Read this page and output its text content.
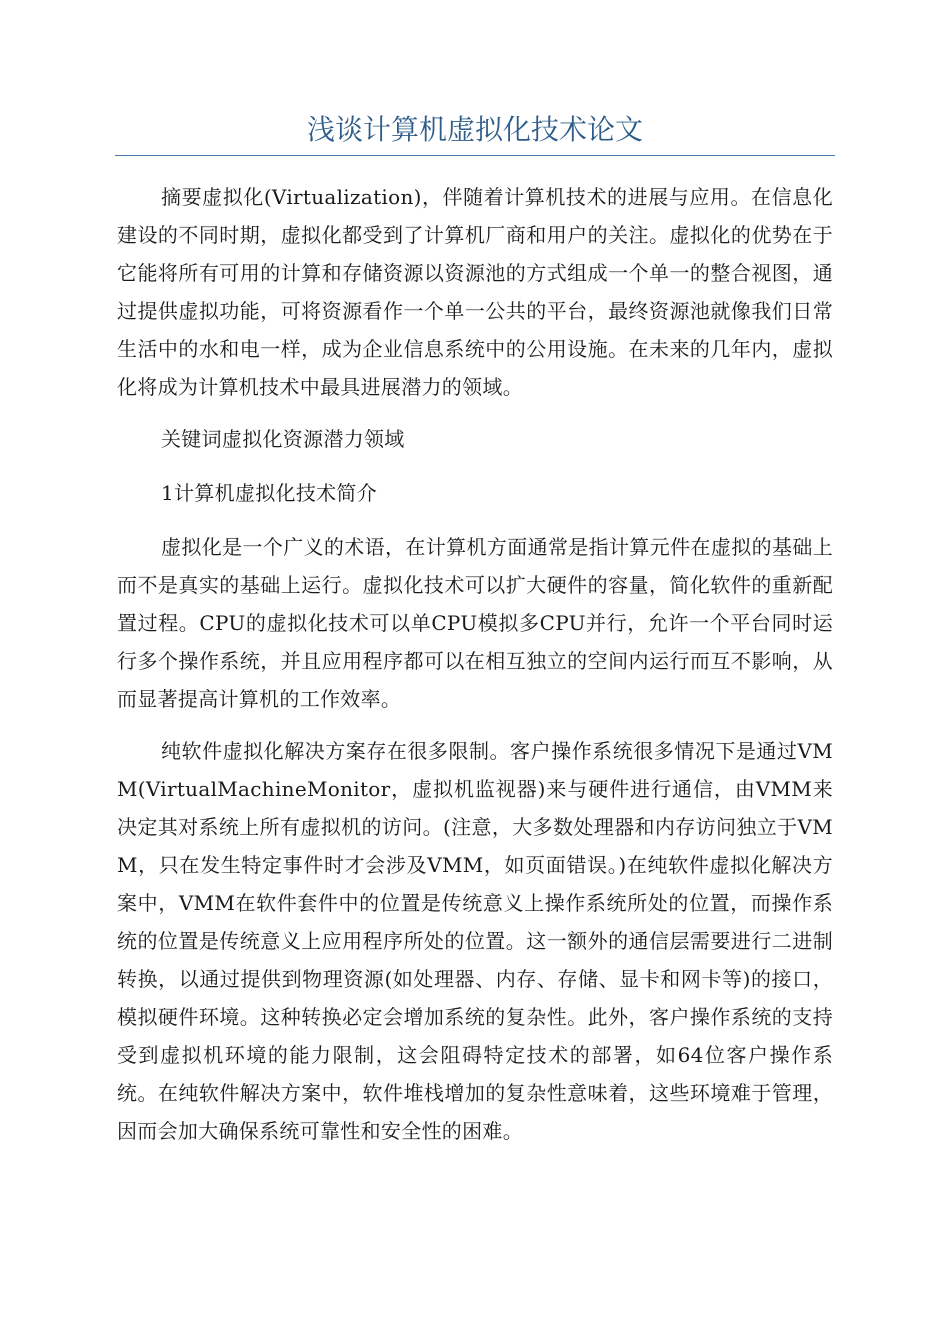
浅谈计算机虚拟化技术论文

摘要虚拟化(Virtualization)，伴随着计算机技术的进展与应用。在信息化建设的不同时期，虚拟化都受到了计算机厂商和用户的关注。虚拟化的优势在于它能将所有可用的计算和存储资源以资源池的方式组成一个单一的整合视图，通过提供虚拟功能，可将资源看作一个单一公共的平台，最终资源池就像我们日常生活中的水和电一样，成为企业信息系统中的公用设施。在未来的几年内，虚拟化将成为计算机技术中最具进展潜力的领域。

关键词虚拟化资源潜力领域

1计算机虚拟化技术简介

虚拟化是一个广义的术语，在计算机方面通常是指计算元件在虚拟的基础上而不是真实的基础上运行。虚拟化技术可以扩大硬件的容量，简化软件的重新配置过程。CPU的虚拟化技术可以单CPU模拟多CPU并行，允许一个平台同时运行多个操作系统，并且应用程序都可以在相互独立的空间内运行而互不影响，从而显著提高计算机的工作效率。

纯软件虚拟化解决方案存在很多限制。客户操作系统很多情况下是通过VMM(VirtualMachineMonitor，虚拟机监视器)来与硬件进行通信，由VMM来决定其对系统上所有虚拟机的访问。(注意，大多数处理器和内存访问独立于VMM，只在发生特定事件时才会涉及VMM，如页面错误。)在纯软件虚拟化解决方案中，VMM在软件套件中的位置是传统意义上操作系统所处的位置，而操作系统的位置是传统意义上应用程序所处的位置。这一额外的通信层需要进行二进制转换，以通过提供到物理资源(如处理器、内存、存储、显卡和网卡等)的接口，模拟硬件环境。这种转换必定会增加系统的复杂性。此外，客户操作系统的支持受到虚拟机环境的能力限制，这会阻碍特定技术的部署，如64位客户操作系统。在纯软件解决方案中，软件堆栈增加的复杂性意味着，这些环境难于管理，因而会加大确保系统可靠性和安全性的困难。
